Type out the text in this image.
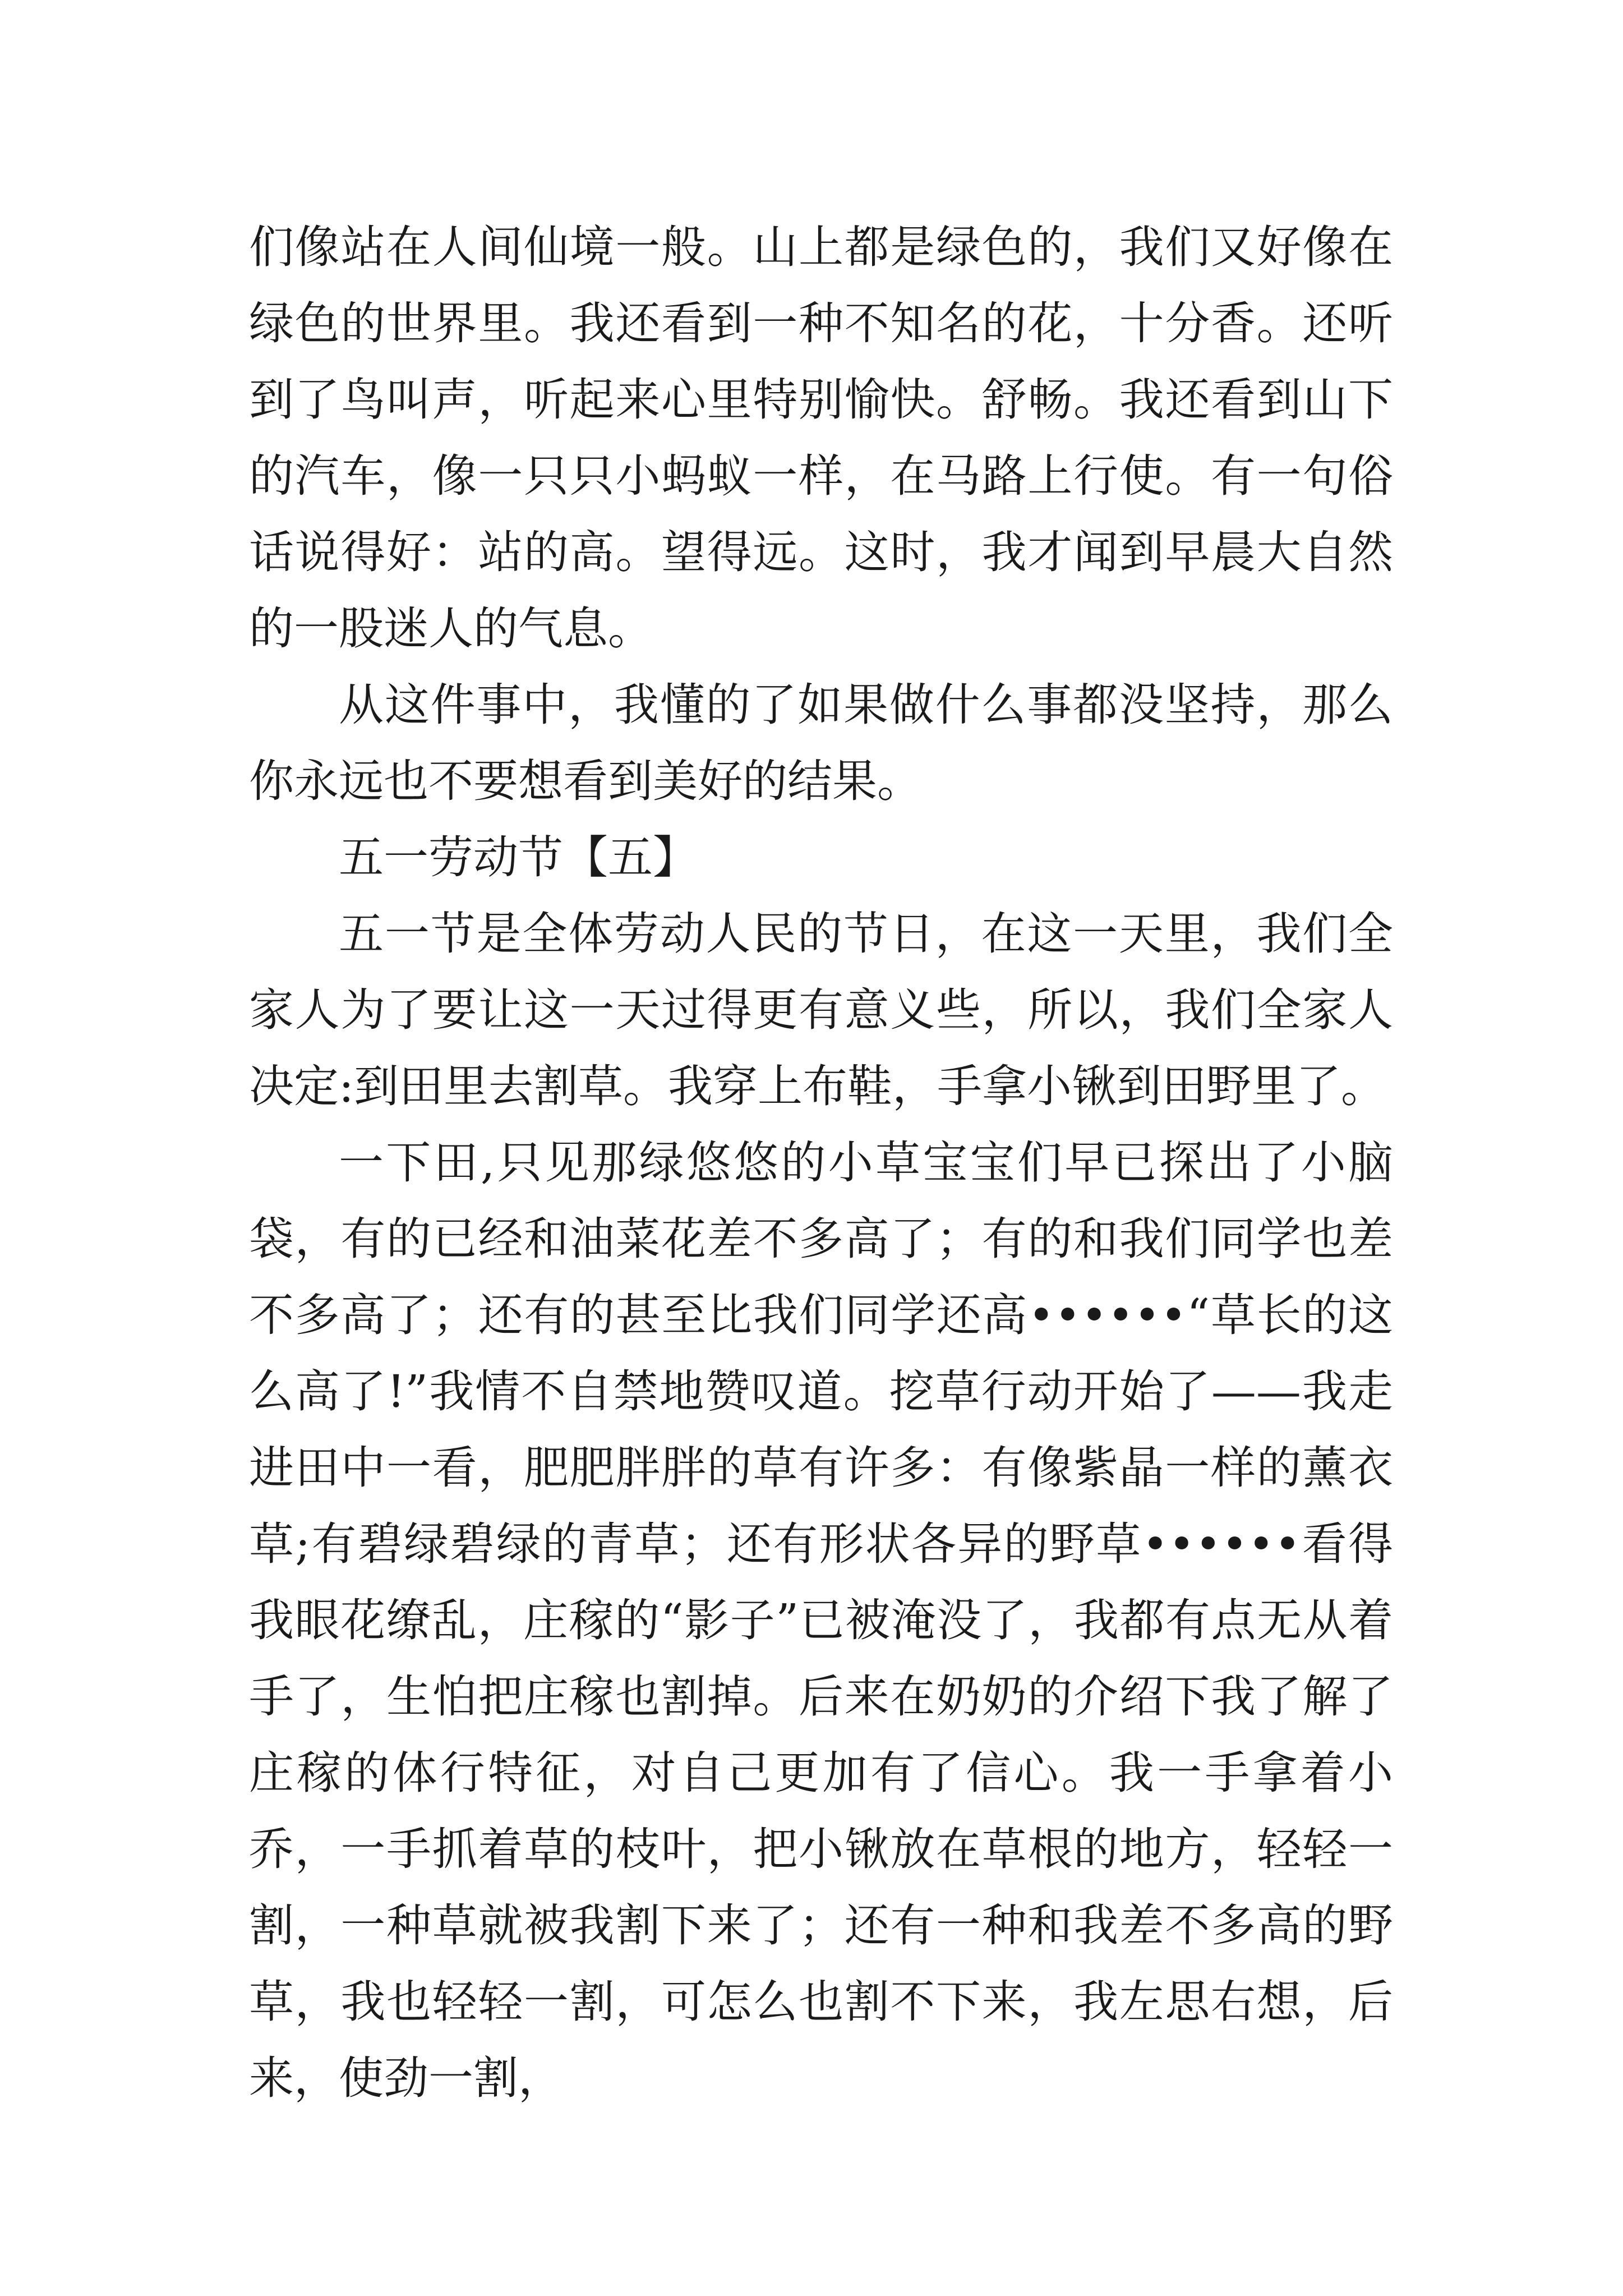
们像站在人间仙境一般。山上都是绿色的，我们又好像在绿色的世界里。我还看到一种不知名的花，十分香。还听到了鸟叫声，听起来心里特别愉快。舒畅。我还看到山下的汽车，像一只只小蚂蚁一样，在马路上行使。有一句俗话说得好：站的高。望得远。这时，我才闻到早晨大自然的一股迷人的气息。

从这件事中，我懂的了如果做什么事都没坚持，那么你永远也不要想看到美好的结果。

五一劳动节【五】

五一节是全体劳动人民的节日，在这一天里，我们全家人为了要让这一天过得更有意义些，所以，我们全家人决定:到田里去割草。我穿上布鞋，手拿小锹到田野里了。

一下田,只见那绿悠悠的小草宝宝们早已探出了小脑袋，有的已经和油菜花差不多高了；有的和我们同学也差不多高了；还有的甚至比我们同学还高••••••“草长的这么高了!”我情不自禁地赞叹道。挖草行动开始了——我走进田中一看，肥肥胖胖的草有许多：有像紫晶一样的薰衣草;有碧绿碧绿的青草；还有形状各异的野草••••••看得我眼花缭乱，庄稼的“影子”已被淹没了，我都有点无从着手了，生怕把庄稼也割掉。后来在奶奶的介绍下我了解了庄稼的体行特征，对自己更加有了信心。我一手拿着小乔，一手抓着草的枝叶，把小锹放在草根的地方，轻轻一割，一种草就被我割下来了；还有一种和我差不多高的野草，我也轻轻一割，可怎么也割不下来，我左思右想，后来，使劲一割，
